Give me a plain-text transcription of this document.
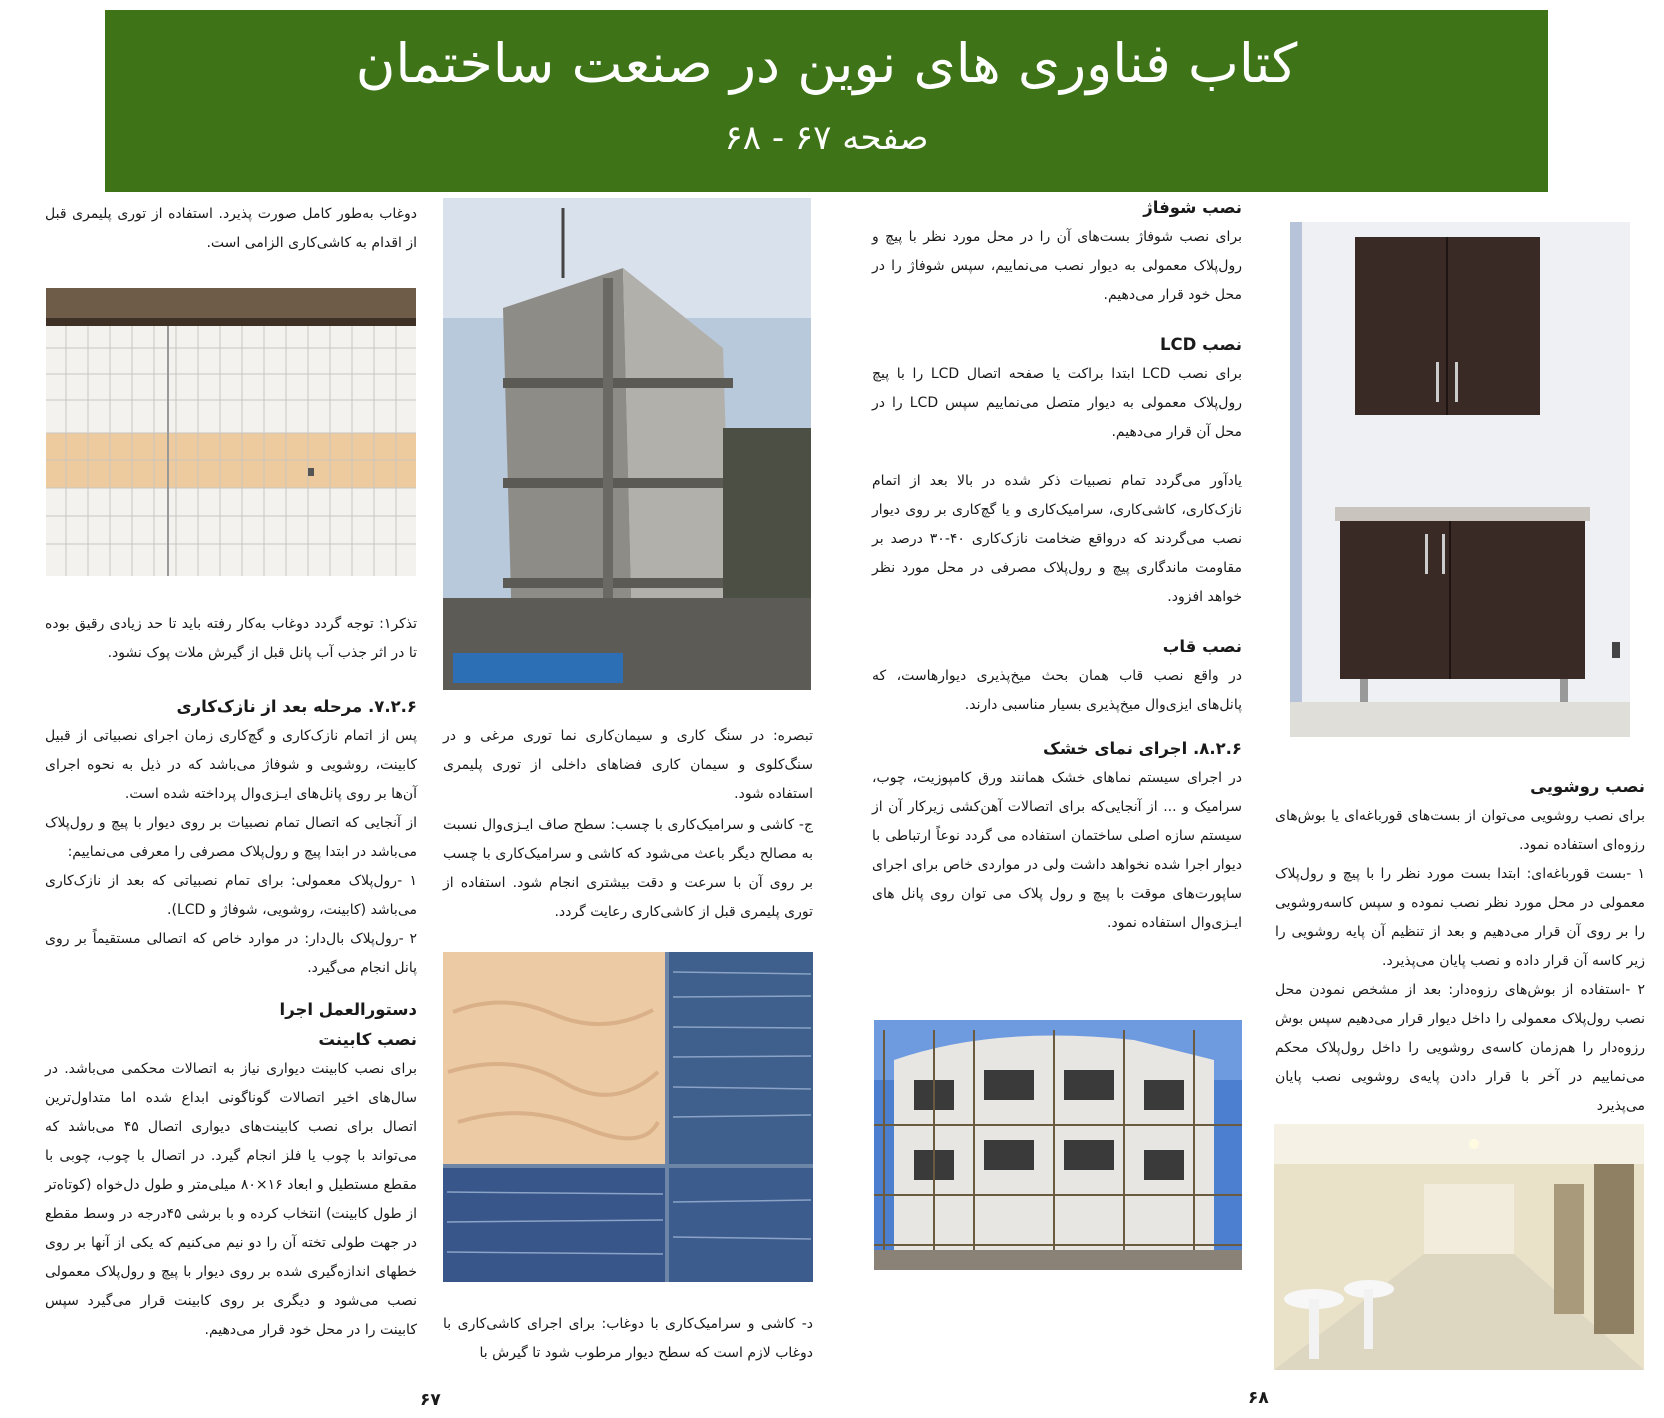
کتاب فناوری های نوین در صنعت ساختمان
صفحه ۶۷ - ۶۸

دوغاب به‌طور کامل صورت پذیرد. استفاده از توری پلیمری قبل از اقدام به کاشی‌کاری الزامی است.

تذکر۱: توجه گردد دوغاب به‌کار رفته باید تا حد زیادی رقیق بوده تا در اثر جذب آب پانل قبل از گیرش ملات پوک نشود.

۷.۲.۶. مرحله بعد از نازک‌کاری

پس از اتمام نازک‌کاری و گچ‌کاری زمان اجرای نصبیاتی از قبیل کابینت، روشویی و شوفاژ می‌باشد که در ذیل به نحوه اجرای آن‌ها بر روی پانل‌های ایـزی‌وال پرداخته شده است.

از آنجایی که اتصال تمام نصبیات بر روی دیوار با پیچ و رول‌پلاک می‌باشد در ابتدا پیچ و رول‌پلاک مصرفی را معرفی می‌نماییم:

۱ -رول‌پلاک معمولی: برای تمام نصبیاتی که بعد از نازک‌کاری می‌باشد (کابینت، روشویی، شوفاژ و LCD).

۲ -رول‌پلاک بال‌دار: در موارد خاص که اتصالی مستقیماً بر روی پانل انجام می‌گیرد.

دستورالعمل اجرا

نصب کابینت

برای نصب کابینت دیواری نیاز به اتصالات محکمی می‌باشد. در سال‌های اخیر اتصالات گوناگونی ابداع شده اما متداول‌ترین اتصال برای نصب کابینت‌های دیواری اتصال ۴۵ می‌باشد که می‌تواند با چوب یا فلز انجام گیرد. در اتصال با چوب، چوبی با مقطع مستطیل و ابعاد ۱۶×۸۰ میلی‌متر و طول دل‌خواه (کوتاه‌تر از طول کابینت) انتخاب کرده و با برشی ۴۵درجه در وسط مقطع در جهت طولی تخته آن را دو نیم می‌کنیم که یکی از آنها بر روی خطهای اندازه‌گیری شده بر روی دیوار با پیچ و رول‌پلاک معمولی نصب می‌شود و دیگری بر روی کابینت قرار می‌گیرد سپس کابینت را در محل خود قرار می‌دهیم.

تبصره: در سنگ کاری و سیمان‌کاری نما توری مرغی و در سنگ‌کلوی و سیمان کاری فضاهای داخلی از توری پلیمری استفاده شود.

ج- کاشی و سرامیک‌کاری با چسب: سطح صاف ایـزی‌وال نسبت به مصالح دیگر باعث می‌شود که کاشی و سرامیک‌کاری با چسب بر روی آن با سرعت و دقت بیشتری انجام شود. استفاده از توری پلیمری قبل از کاشی‌کاری رعایت گردد.

د- کاشی و سرامیک‌کاری با دوغاب: برای اجرای کاشی‌کاری با دوغاب لازم است که سطح دیوار مرطوب شود تا گیرش با

نصب شوفاژ

برای نصب شوفاژ بست‌های آن را در محل مورد نظر با پیچ و رول‌پلاک معمولی به دیوار نصب می‌نماییم، سپس شوفاژ را در محل خود قرار می‌دهیم.

نصب LCD

برای نصب LCD ابتدا براکت یا صفحه اتصال LCD را با پیچ رول‌پلاک معمولی به دیوار متصل می‌نماییم سپس LCD را در محل آن قرار می‌دهیم.

یادآور می‌گردد تمام نصبیات ذکر شده در بالا بعد از اتمام نازک‌کاری، کاشی‌کاری، سرامیک‌کاری و یا گچ‌کاری بر روی دیوار نصب می‌گردند که درواقع ضخامت نازک‌کاری ۴۰-۳۰ درصد بر مقاومت ماندگاری پیچ و رول‌پلاک مصرفی در محل مورد نظر خواهد افزود.

نصب قاب

در واقع نصب قاب همان بحث میخ‌پذیری دیوارهاست، که پانل‌های ایزی‌وال میخ‌پذیری بسیار مناسبی دارند.

۸.۲.۶. اجرای نمای خشک

در اجرای سیستم نماهای خشک همانند ورق کامپوزیت، چوب، سرامیک و ... از آنجایی‌که برای اتصالات آهن‌کشی زیرکار آن از سیستم سازه اصلی ساختمان استفاده می گردد نوعاً ارتباطی با دیوار اجرا شده نخواهد داشت ولی در مواردی خاص برای اجرای ساپورت‌های موقت با پیچ و رول پلاک می توان روی پانل های ایـزی‌وال استفاده نمود.

نصب روشویی

برای نصب روشویی می‌توان از بست‌های قورباغه‌ای یا بوش‌های رزوه‌ای استفاده نمود.

۱ -بست قورباغه‌ای: ابتدا بست مورد نظر را با پیچ و رول‌پلاک معمولی در محل مورد نظر نصب نموده و سپس کاسه‌روشویی را بر روی آن قرار می‌دهیم و بعد از تنظیم آن پایه روشویی را زیر کاسه آن قرار داده و نصب پایان می‌پذیرد.

۲ -استفاده از بوش‌های رزوه‌دار: بعد از مشخص نمودن محل نصب رول‌پلاک معمولی را داخل دیوار قرار می‌دهیم سپس بوش رزوه‌دار را هم‌زمان کاسه‌ی روشویی را داخل رول‌پلاک محکم می‌نماییم در آخر با قرار دادن پایه‌ی روشویی نصب پایان می‌پذیرد

۶۷	۶۸
